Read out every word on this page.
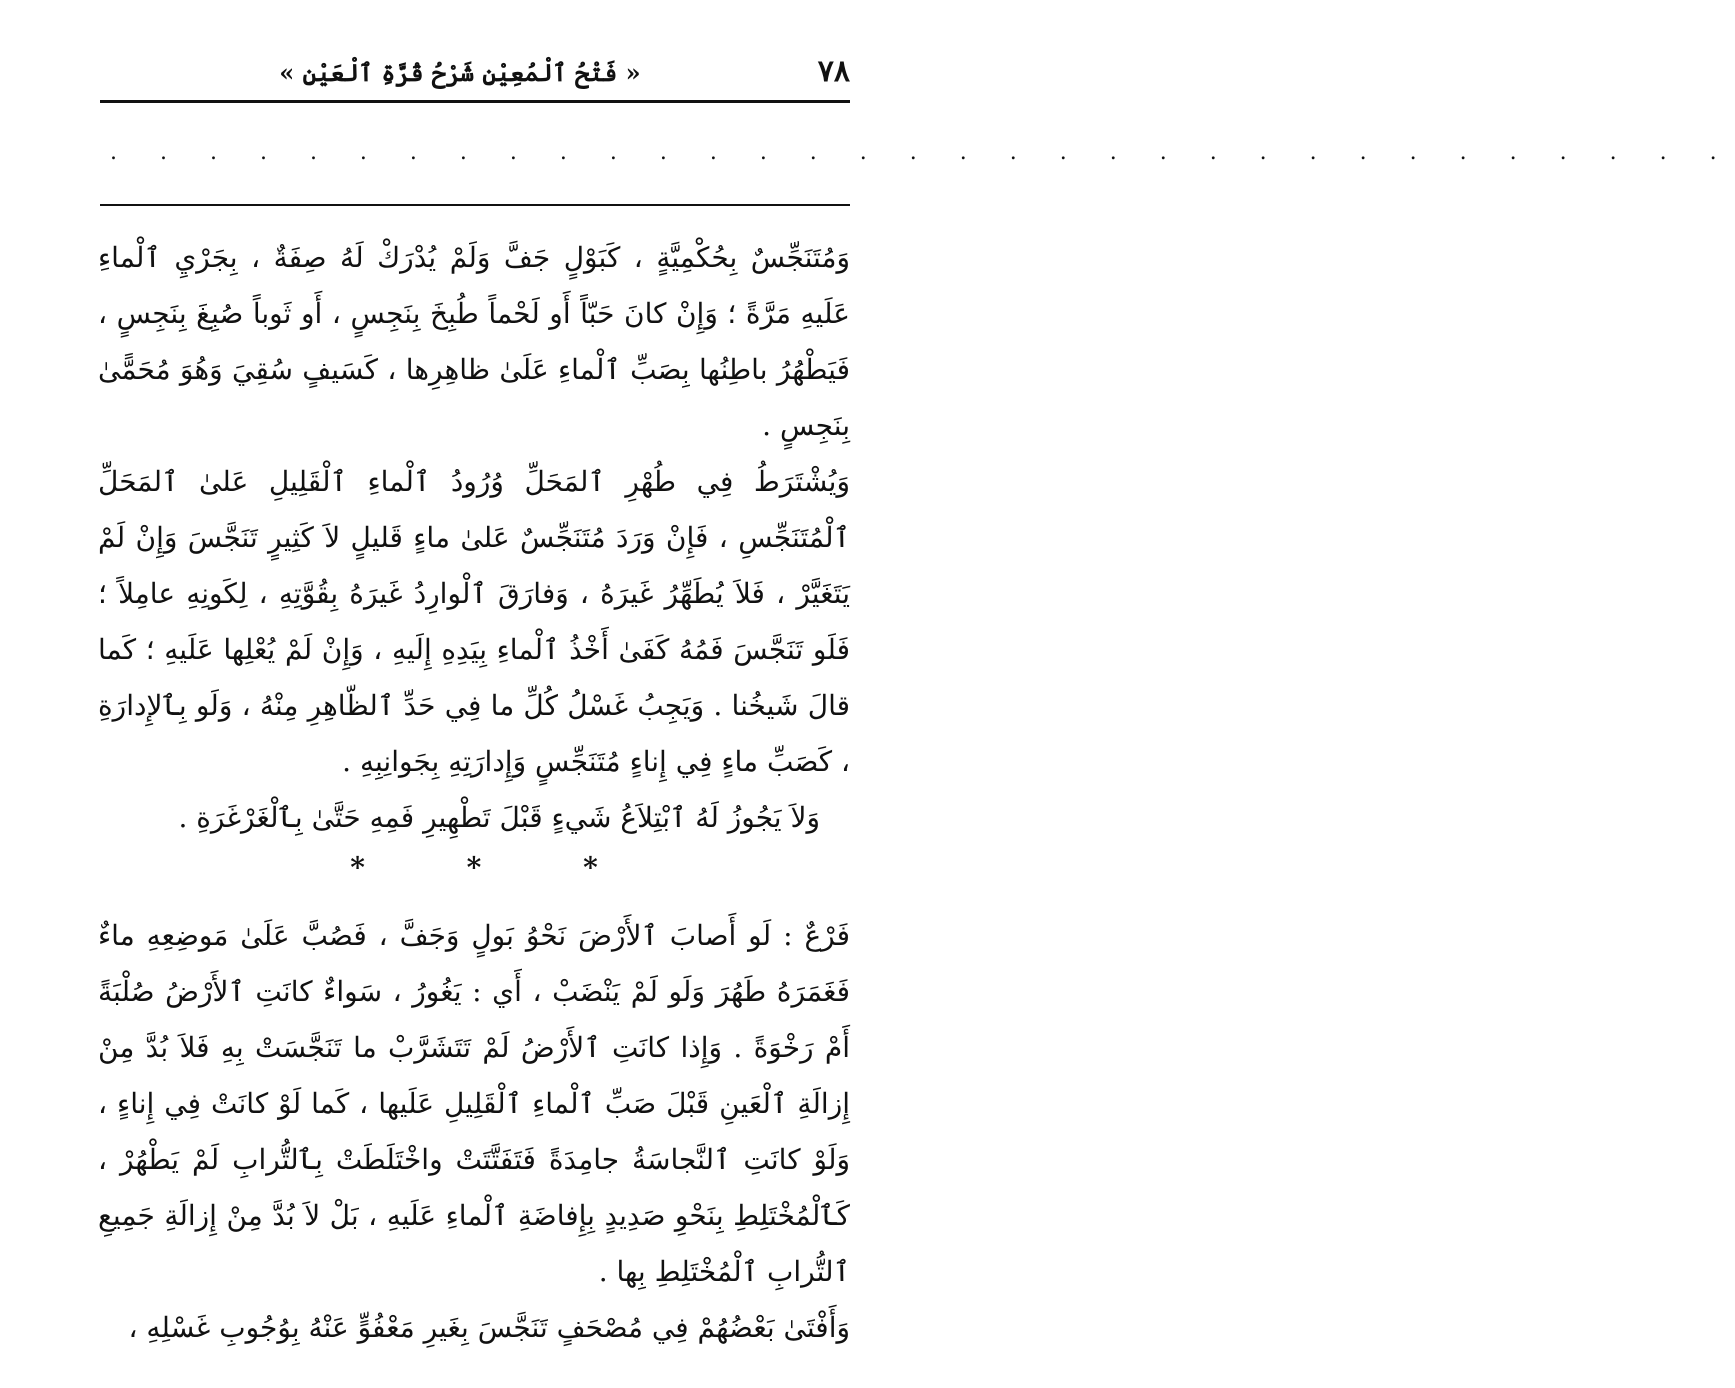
٧٨
« فَتْحُ ٱلْمُعِيْنِ شَرْحُ قُرَّةِ ٱلْعَيْنِ »
. . . . . . . . . . . . . . . . . . . . . . . . . . . . . . . . .

وَمُتَنَجِّسٌ بِحُكْمِيَّةٍ ، كَبَوْلٍ جَفَّ وَلَمْ يُدْرَكْ لَهُ صِفَةٌ ، بِجَرْيِ ٱلْماءِ عَلَيهِ مَرَّةً ؛ وَإِنْ كانَ حَبّاً أَو لَحْماً طُبِخَ بِنَجِسٍ ، أَو ثَوباً صُبِغَ بِنَجِسٍ ، فَيَطْهُرُ باطِنُها بِصَبِّ ٱلْماءِ عَلَىٰ ظاهِرِها ، كَسَيفٍ سُقِيَ وَهُوَ مُحَمًّىٰ بِنَجِسٍ .

وَيُشْتَرَطُ فِي طُهْرِ ٱلمَحَلِّ وُرُودُ ٱلْماءِ ٱلْقَلِيلِ عَلىٰ ٱلمَحَلِّ ٱلْمُتَنَجِّسِ ، فَإِنْ وَرَدَ مُتَنَجِّسٌ عَلىٰ ماءٍ قَليلٍ لاَ كَثِيرٍ تَنَجَّسَ وَإِنْ لَمْ يَتَغَيَّرْ ، فَلاَ يُطَهِّرُ غَيرَهُ ، وَفارَقَ ٱلْوارِدُ غَيرَهُ بِقُوَّتِهِ ، لِكَونِهِ عامِلاً ؛ فَلَو تَنَجَّسَ فَمُهُ كَفَىٰ أَخْذُ ٱلْماءِ بِيَدِهِ إِلَيهِ ، وَإِنْ لَمْ يُعْلِها عَلَيهِ ؛ كَما قالَ شَيخُنا . وَيَجِبُ غَسْلُ كُلِّ ما فِي حَدِّ ٱلظّاهِرِ مِنْهُ ، وَلَو بِٱلإِدارَةِ ، كَصَبِّ ماءٍ فِي إِناءٍ مُتَنَجِّسٍ وَإِدارَتِهِ بِجَوانِبِهِ .

وَلاَ يَجُوزُ لَهُ ٱبْتِلاَعُ شَيءٍ قَبْلَ تَطْهِيرِ فَمِهِ حَتَّىٰ بِٱلْغَرْغَرَةِ .

*	*	*

فَرْعٌ : لَو أَصابَ ٱلأَرْضَ نَحْوُ بَولٍ وَجَفَّ ، فَصُبَّ عَلَىٰ مَوضِعِهِ ماءٌ فَغَمَرَهُ طَهُرَ وَلَو لَمْ يَنْضَبْ ، أَي : يَغُورُ ، سَواءٌ كانَتِ ٱلأَرْضُ صُلْبَةً أَمْ رَخْوَةً . وَإِذا كانَتِ ٱلأَرْضُ لَمْ تَتَشَرَّبْ ما تَنَجَّسَتْ بِهِ فَلاَ بُدَّ مِنْ إِزالَةِ ٱلْعَينِ قَبْلَ صَبِّ ٱلْماءِ ٱلْقَلِيلِ عَلَيها ، كَما لَوْ كانَتْ فِي إِناءٍ ، وَلَوْ كانَتِ ٱلنَّجاسَةُ جامِدَةً فَتَفَتَّتَتْ واخْتَلَطَتْ بِٱلتُّرابِ لَمْ يَطْهُرْ ، كَٱلْمُخْتَلِطِ بِنَحْوِ صَدِيدٍ بِإِفاضَةِ ٱلْماءِ عَلَيهِ ، بَلْ لاَ بُدَّ مِنْ إِزالَةِ جَمِيعِ ٱلتُّرابِ ٱلْمُخْتَلِطِ بِها .

وَأَفْتَىٰ بَعْضُهُمْ فِي مُصْحَفٍ تَنَجَّسَ بِغَيرِ مَعْفُوٍّ عَنْهُ بِوُجُوبِ غَسْلِهِ ،
